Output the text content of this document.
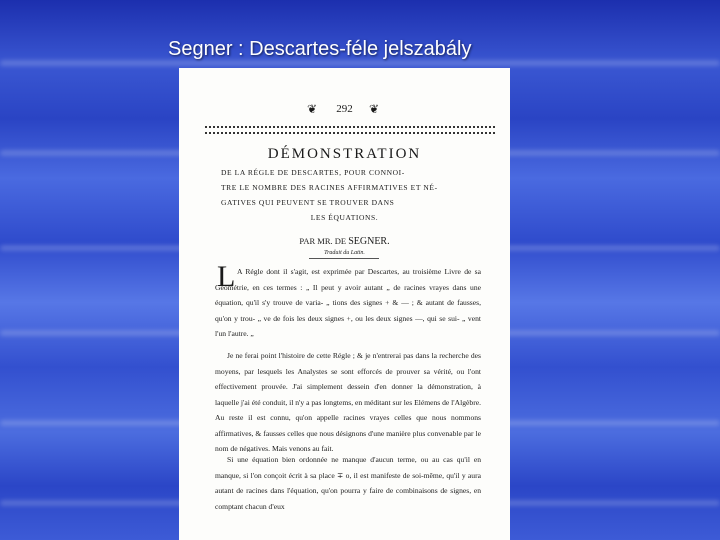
Segner : Descartes-féle jelszabály
❦	292	❦
DÉMONSTRATION

DE LA RÉGLE DE DESCARTES, POUR CONNOI-

TRE LE NOMBRE DES RACINES AFFIRMATIVES ET NÉ-

GATIVES QUI PEUVENT SE TROUVER DANS

LES ÉQUATIONS.

PAR MR. DE SEGNER.
Traduit du Latin.
L A Régle dont il s'agit, est exprimée par Descartes, au troisième Livre de sa Géométrie, en ces termes : „ Il peut y avoir autant „ de racines vrayes dans une équation, qu'il s'y trouve de varia- „ tions des signes + & — ; & autant de fausses, qu'on y trou- „ ve de fois les deux signes +, ou les deux signes —, qui se sui- „ vent l'un l'autre. „

Je ne ferai point l'histoire de cette Régle ; & je n'entrerai pas dans la recherche des moyens, par lesquels les Analystes se sont efforcés de prouver sa vérité, ou l'ont effectivement prouvée. J'ai simplement dessein d'en donner la démonstration, à laquelle j'ai été conduit, il n'y a pas longtems, en méditant sur les Elémens de l'Algèbre. Au reste il est connu, qu'on appelle racines vrayes celles que nous nommons affirmatives, & fausses celles que nous désignons d'une manière plus convenable par le nom de négatives. Mais venons au fait.

Si une équation bien ordonnée ne manque d'aucun terme, ou au cas qu'il en manque, si l'on conçoit écrit à sa place ∓ o, il est manifeste de soi-même, qu'il y aura autant de racines dans l'équation, qu'on pourra y faire de combinaisons de signes, en comptant chacun d'eux
